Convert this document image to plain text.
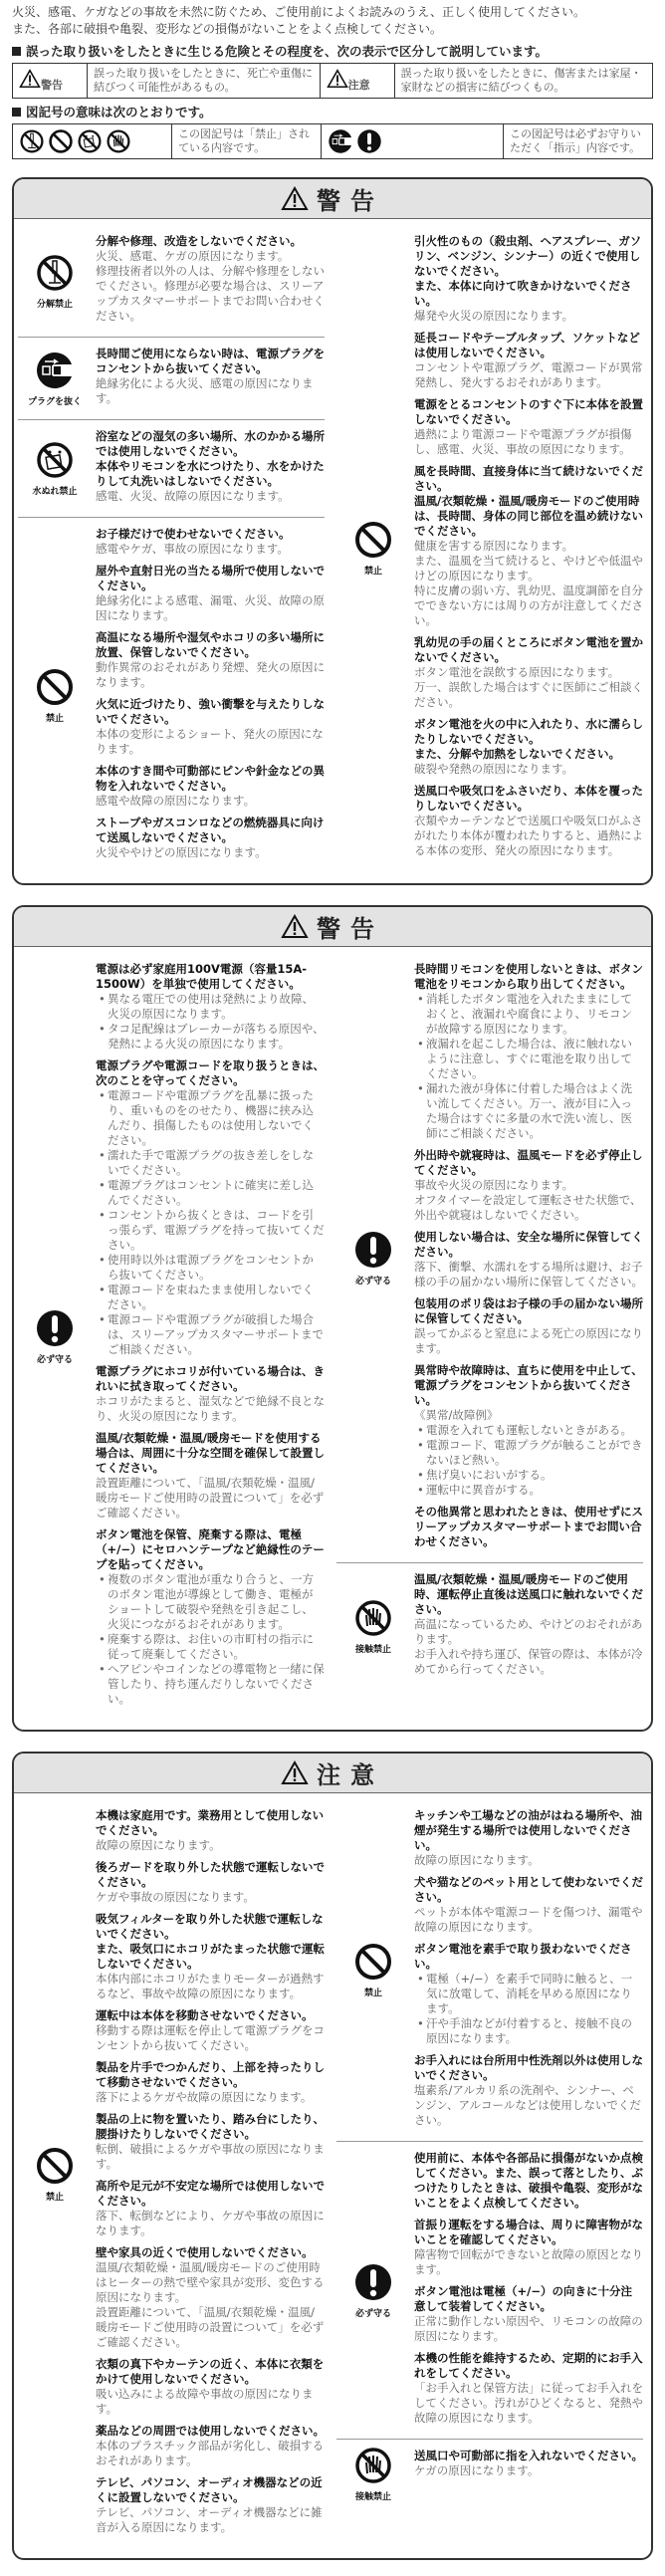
火災、感電、ケガなどの事故を未然に防ぐため、ご使用前によくお読みのうえ、正しく使用してください。
また、各部に破損や亀裂、変形などの損傷がないことをよく点検してください。
誤った取り扱いをしたときに生じる危険とその程度を、次の表示で区分して説明しています。
警告	誤った取り扱いをしたときに、死亡や重傷に結びつく可能性があるもの。	注意	誤った取り扱いをしたときに、傷害または家屋・家財などの損害に結びつくもの。
図記号の意味は次のとおりです。
	この図記号は「禁止」されている内容です。		この図記号は必ずお守りいただく「指示」内容です。
警告
分解禁止
分解や修理、改造をしないでください。
火災、感電、ケガの原因になります。
修理技術者以外の人は、分解や修理をしないでください。修理が必要な場合は、スリーアップカスタマーサポートまでお問い合わせください。
プラグを抜く
長時間ご使用にならない時は、電源プラグをコンセントから抜いてください。
絶縁劣化による火災、感電の原因になります。
水ぬれ禁止
浴室などの湿気の多い場所、水のかかる場所では使用しないでください。
本体やリモコンを水につけたり、水をかけたりして丸洗いはしないでください。
感電、火災、故障の原因になります。
禁止
お子様だけで使わせないでください。
感電やケガ、事故の原因になります。
屋外や直射日光の当たる場所で使用しないでください。
絶縁劣化による感電、漏電、火災、故障の原因になります。
高温になる場所や湿気やホコリの多い場所に放置、保管しないでください。
動作異常のおそれがあり発煙、発火の原因になります。
火気に近づけたり、強い衝撃を与えたりしないでください。
本体の変形によるショート、発火の原因になります。
本体のすき間や可動部にピンや針金などの異物を入れないでください。
感電や故障の原因になります。
ストーブやガスコンロなどの燃焼器具に向けて送風しないでください。
火災ややけどの原因になります。
禁止
引火性のもの（殺虫剤、ヘアスプレー、ガソリン、ベンジン、シンナー）の近くで使用しないでください。
また、本体に向けて吹きかけないでください。
爆発や火災の原因になります。
延長コードやテーブルタップ、ソケットなどは使用しないでください。
コンセントや電源プラグ、電源コードが異常発熱し、発火するおそれがあります。
電源をとるコンセントのすぐ下に本体を設置しないでください。
過熱により電源コードや電源プラグが損傷し、感電、火災、事故の原因になります。
風を長時間、直接身体に当て続けないでください。
温風/衣類乾燥・温風/暖房モードのご使用時は、長時間、身体の同じ部位を温め続けないでください。
健康を害する原因になります。
また、温風を当て続けると、やけどや低温やけどの原因になります。
特に皮膚の弱い方、乳幼児、温度調節を自分でできない方には周りの方が注意してください。
乳幼児の手の届くところにボタン電池を置かないでください。
ボタン電池を誤飲する原因になります。
万一、誤飲した場合はすぐに医師にご相談ください。
ボタン電池を火の中に入れたり、水に濡らしたりしないでください。
また、分解や加熱をしないでください。
破裂や発熱の原因になります。
送風口や吸気口をふさいだり、本体を覆ったりしないでください。
衣類やカーテンなどで送風口や吸気口がふさがれたり本体が覆われたりすると、過熱による本体の変形、発火の原因になります。
警告
必ず守る
電源は必ず家庭用100V電源（容量15A-1500W）を単独で使用してください。
• 異なる電圧での使用は発熱により故障、火災の原因になります。
• タコ足配線はブレーカーが落ちる原因や、発熱による火災の原因になります。
電源プラグや電源コードを取り扱うときは、次のことを守ってください。
• 電源コードや電源プラグを乱暴に扱ったり、重いものをのせたり、機器に挟み込んだり、損傷したものは使用しないでください。
• 濡れた手で電源プラグの抜き差しをしないでください。
• 電源プラグはコンセントに確実に差し込んでください。
• コンセントから抜くときは、コードを引っ張らず、電源プラグを持って抜いてください。
• 使用時以外は電源プラグをコンセントから抜いてください。
• 電源コードを束ねたまま使用しないでください。
• 電源コードや電源プラグが破損した場合は、スリーアップカスタマーサポートまでご相談ください。
電源プラグにホコリが付いている場合は、きれいに拭き取ってください。
ホコリがたまると、湿気などで絶縁不良となり、火災の原因になります。
温風/衣類乾燥・温風/暖房モードを使用する場合は、周囲に十分な空間を確保して設置してください。
設置距離について、「温風/衣類乾燥・温風/暖房モードご使用時の設置について」を必ずご確認ください。
ボタン電池を保管、廃棄する際は、電極（+/−）にセロハンテープなど絶縁性のテープを貼ってください。
• 複数のボタン電池が重なり合うと、一方のボタン電池が導線として働き、電極がショートして破裂や発熱を引き起こし、火災につながるおそれがあります。
• 廃棄する際は、お住いの市町村の指示に従って廃棄してください。
• ヘアピンやコインなどの導電物と一緒に保管したり、持ち運んだりしないでください。
必ず守る
長時間リモコンを使用しないときは、ボタン電池をリモコンから取り出してください。
• 消耗したボタン電池を入れたままにしておくと、液漏れや腐食により、リモコンが故障する原因になります。
• 液漏れを起こした場合は、液に触れないように注意し、すぐに電池を取り出してください。
• 漏れた液が身体に付着した場合はよく洗い流してください。万一、液が目に入った場合はすぐに多量の水で洗い流し、医師にご相談ください。
外出時や就寝時は、温風モードを必ず停止してください。
事故や火災の原因になります。
オフタイマーを設定して運転させた状態で、外出や就寝はしないでください。
使用しない場合は、安全な場所に保管してください。
落下、衝撃、水濡れをする場所は避け、お子様の手の届かない場所に保管してください。
包装用のポリ袋はお子様の手の届かない場所に保管してください。
誤ってかぶると窒息による死亡の原因になります。
異常時や故障時は、直ちに使用を中止して、電源プラグをコンセントから抜いてください。
《異常/故障例》
• 電源を入れても運転しないときがある。
• 電源コード、電源プラグが触ることができないほど熱い。
• 焦げ臭いにおいがする。
• 運転中に異音がする。
その他異常と思われたときは、使用せずにスリーアップカスタマーサポートまでお問い合わせください。
接触禁止
温風/衣類乾燥・温風/暖房モードのご使用時、運転停止直後は送風口に触れないでください。
高温になっているため、やけどのおそれがあります。
お手入れや持ち運び、保管の際は、本体が冷めてから行ってください。
注意
禁止
本機は家庭用です。業務用として使用しないでください。
故障の原因になります。
後ろガードを取り外した状態で運転しないでください。
ケガや事故の原因になります。
吸気フィルターを取り外した状態で運転しないでください。
また、吸気口にホコリがたまった状態で運転しないでください。
本体内部にホコリがたまりモーターが過熱するなど、事故や故障の原因になります。
運転中は本体を移動させないでください。
移動する際は運転を停止して電源プラグをコンセントから抜いてください。
製品を片手でつかんだり、上部を持ったりして移動させないでください。
落下によるケガや故障の原因になります。
製品の上に物を置いたり、踏み台にしたり、腰掛けたりしないでください。
転倒、破損によるケガや事故の原因になります。
高所や足元が不安定な場所では使用しないでください。
落下、転倒などにより、ケガや事故の原因になります。
壁や家具の近くで使用しないでください。
温風/衣類乾燥・温風/暖房モードのご使用時はヒーターの熱で壁や家具が変形、変色する原因になります。
設置距離について、「温風/衣類乾燥・温風/暖房モードご使用時の設置について」を必ずご確認ください。
衣類の真下やカーテンの近く、本体に衣類をかけて使用しないでください。
吸い込みによる故障や事故の原因になります。
薬品などの周囲では使用しないでください。
本体のプラスチック部品が劣化し、破損するおそれがあります。
テレビ、パソコン、オーディオ機器などの近くに設置しないでください。
テレビ、パソコン、オーディオ機器などに雑音が入る原因になります。
禁止
キッチンや工場などの油がはねる場所や、油煙が発生する場所では使用しないでください。
故障の原因になります。
犬や猫などのペット用として使わないでください。
ペットが本体や電源コードを傷つけ、漏電や故障の原因になります。
ボタン電池を素手で取り扱わないでください。
• 電極（+/−）を素手で同時に触ると、一気に放電して、消耗を早める原因になります。
• 汗や手油などが付着すると、接触不良の原因になります。
お手入れには台所用中性洗剤以外は使用しないでください。
塩素系/アルカリ系の洗剤や、シンナー、ベンジン、アルコールなどは使用しないでください。
必ず守る
使用前に、本体や各部品に損傷がないか点検してください。また、誤って落としたり、ぶつけたりしたときは、破損や亀裂、変形がないことをよく点検してください。
首振り運転をする場合は、周りに障害物がないことを確認してください。
障害物で回転ができないと故障の原因となります。
ボタン電池は電極（+/−）の向きに十分注意して装着してください。
正常に動作しない原因や、リモコンの故障の原因になります。
本機の性能を維持するため、定期的にお手入れをしてください。
「お手入れと保管方法」に従ってお手入れをしてください。汚れがひどくなると、発熱や故障の原因になります。
接触禁止
送風口や可動部に指を入れないでください。
ケガの原因になります。
